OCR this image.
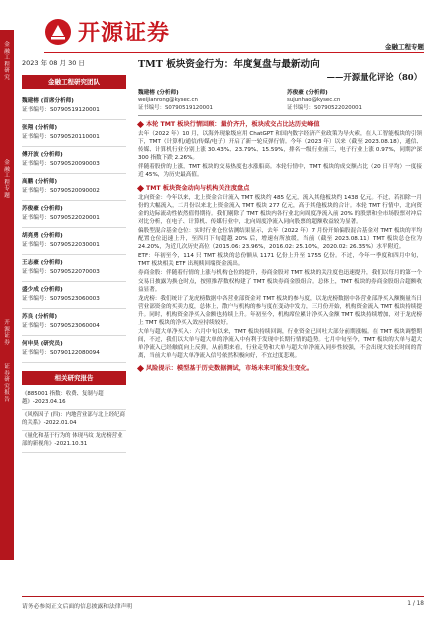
金融工程研究
金融工程专题
开源证券
证券研究报告
开源证券
金融工程专题
2023 年 08 月 30 日
金融工程研究团队
魏建榕 (首席分析师)
证书编号：S0790519120001
张翔 (分析师)
证书编号：S0790520110001
傅开波 (分析师)
证书编号：S0790520090003
高鹏 (分析师)
证书编号：S0790520090002
苏俊豪 (分析师)
证书编号：S0790522020001
胡亮勇 (分析师)
证书编号：S0790522030001
王志豪 (分析师)
证书编号：S0790522070003
盛少成 (分析师)
证书编号：S0790523060003
苏良 (分析师)
证书编号：S0790523060004
何申昊 (研究员)
证书编号：S0790122080094
相关研究报告
《885001 指数：收费、复制与超越》-2023.04.16
《风格因子 (四)：内地营业部与北上经纪商的关系》-2022.01.04
《量化和基于行为的 体现马纹 龙虎榜营业部的新视角》-2021.10.31
TMT 板块资金行为：年度复盘与最新动向
——开源量化评论（80）
魏建榕 (分析师)
weijianrong@kysec.cn
证书编号：S0790519120001
苏俊豪 (分析师)
sujunhao@kysec.cn
证书编号：S0790522020001
本轮 TMT 板块行情回顾：量价齐升，板块成交占比达历史峰值

去年（2022 年）10 月，以海外现象级应用 ChatGPT 和国内数字经济产业政策为导火索，在人工智能板块的引领下，TMT（计算机/通信/传媒/电子）开启了新一轮反弹行情。今年（2023 年）以来（截至 2023.08.18），通信、传媒、计算机行业分别上涨 30.43%、23.79%、15.59%，排名一级行业前三，电子行业上涨 0.97%，同期沪深 300 指数下跌 2.26%。

伴随着股价的上涨，TMT 板块的交易热度也水涨船高。本轮行情中，TMT 板块的成交额占比（20 日平均）一度接近 45%，为历史最高值。

TMT 板块资金动向与机构关注度盘点

北向资金：今年以来，北上资金合计流入 TMT 板块约 485 亿元，流入其他板块约 1438 亿元。不过，若扣除一月份的大幅流入，二月份以来北上资金流入 TMT 板块 277 亿元，高于其他板块的合计。本轮 TMT 行情中，北向资金的边际流动性依然值得期待。我们剔除了 TMT 板块内各行业北向周度净流入前 20% 的股票和全市场股票对冲后对比分析，在电子、计算机、传媒行业中，北向周度净流入同向股票的超额收益较为显著。

偏股型混合基金仓位：实时行业仓位估测结果显示，去年（2022 年）7 月份开始偏股混合基金对 TMT 板块的平均配置仓位迅速上升，至四月下旬超越 20% 后，增速有所放缓，当前（截至 2023.08.11）TMT 板块总仓位为 24.20%，为近几次历史高位（2015.06: 23.96%，2016.02: 25.10%，2020.02: 26.35%）水平附近。

ETF：年初至今，114 只 TMT 板块的总份额从 1171 亿份上升至 1755 亿份。不过，今年一季度和四月中旬，TMT 板块相关 ETF 出现赎回端资金流出。

券商金股：伴随着行情的上涨与机构仓位的提升，券商金股对 TMT 板块的关注度也迅速提升，我们以每月的第一个交易日披露为换仓时点，按照推荐数权构建了 TMT 板块券商金股组合。总体上，TMT 板块的券商金股组合超额收益显著。

龙虎榜：我们统计了龙虎榜数据中各营业部资金对 TMT 板块的参与度，以龙虎榜数据中各营业部净买入额衡量当日营业部资金的买卖力度，总体上，散户与机构的参与度在变动中发力，三月份开始，机构资金流入 TMT 板块持续提升。同时，机构资金净买入金额也持续上升。年初至今，机构席位累计净买入金额 TMT 板块持续增加，对于龙虎榜上 TMT 板块的净买入效应持续较好。

大单与超大单净买入：六月中旬以来，TMT 板块持续回调，行业资金已回吐大部分前期涨幅。在 TMT 板块调整期间，不过，我们以大单与超大单的净流入中有利于发现中长期行情的趋势。七月中旬至今，TMT 板块的大单与超大单净流入已经触底向上反弹，从前期来看，行业走势和大单与超大单净流入同步性较强，不会出现大较长时间的背离，当前大单与超大单净流入信号依然积极向好，不宜过度悲观。

风险提示：模型基于历史数据测试，市场未来可能发生变化。
请务必参阅正文后面的信息披露和法律声明	1 / 18
